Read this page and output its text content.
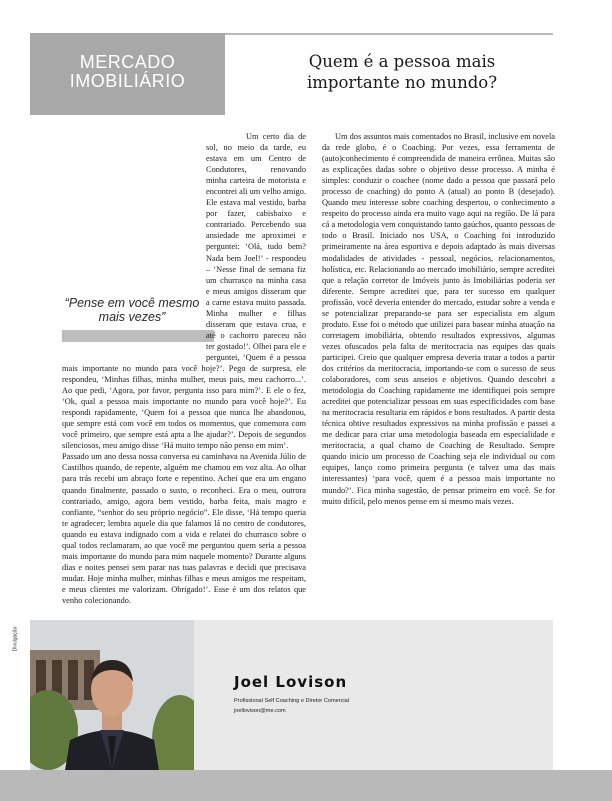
MERCADO
IMOBILIÁRIO
Quem é a pessoa mais
importante no mundo?
“Pense em você mesmo mais vezes”

Um certo dia de sol, no meio da tarde, eu estava em um Centro de Condutores, renovando minha carteira de motorista e encontrei ali um velho amigo. Ele estava mal vestido, barba por fazer, cabisbaixo e contrariado. Percebendo sua ansiedade me aproximei e perguntei: ‘Olá, tudo bem? Nada bem Joel!’ - respondeu – ‘Nesse final de semana fiz um churrasco na minha casa e meus amigos disseram que a carne estava muito passada. Minha mulher e filhas disseram que estava crua, e até o cachorro pareceu não ter gostado!’. Olhei para ele e perguntei, ‘Quem é a pessoa mais importante no mundo para você hoje?’. Pego de surpresa, ele respondeu, ‘Minhas filhas, minha mulher, meus pais, meu cachorro...’. Ao que pedi, ‘Agora, por favor, pergunta isso para mim?’. E ele o fez, ‘Ok, qual a pessoa mais importante no mundo para você hoje?’. Eu respondi rapidamente, ‘Quem foi a pessoa que nunca lhe abandonou, que sempre está com você em todos os momentos, que comemora com você primeiro, que sempre está apta a lhe ajudar?’. Depois de segundos silenciosos, meu amigo disse ‘Há muito tempo não penso em mim’.

Passado um ano dessa nossa conversa eu caminhava na Avenida Júlio de Castilhos quando, de repente, alguém me chamou em voz alta. Ao olhar para trás recebi um abraço forte e repentino. Achei que era um engano quando finalmente, passado o susto, o reconheci. Era o meu, outrora contrariado, amigo, agora bem vestido, barba feita, mais magro e confiante, “senhor do seu próprio negócio”. Ele disse, ‘Há tempo queria te agradecer; lembra aquele dia que falamos lá no centro de condutores, quando eu estava indignado com a vida e relatei do churrasco sobre o qual todos reclamaram, ao que você me perguntou quem seria a pessoa mais importante do mundo para mim naquele momento? Durante alguns dias e noites pensei sem parar nas tuas palavras e decidi que precisava mudar. Hoje minha mulher, minhas filhas e meus amigos me respeitam, e meus clientes me valorizam. Obrigado!’. Esse é um dos relatos que venho colecionando.

Um dos assuntos mais comentados no Brasil, inclusive em novela da rede globo, é o Coaching. Por vezes, essa ferramenta de (auto)conhecimento é compreendida de maneira errônea. Muitas são as explicações dadas sobre o objetivo desse processo. A minha é simples: conduzir o coachee (nome dado a pessoa que passará pelo processo de coaching) do ponto A (atual) ao ponto B (desejado). Quando meu interesse sobre coaching despertou, o conhecimento a respeito do processo ainda era muito vago aqui na região. De lá para cá a metodologia vem conquistando tanto gaúchos, quanto pessoas de todo o Brasil. Iniciado nos USA, o Coaching foi introduzido primeiramente na área esportiva e depois adaptado às mais diversas modalidades de atividades - pessoal, negócios, relacionamentos, holística, etc. Relacionando ao mercado imobiliário, sempre acreditei que a relação corretor de Imóveis junto às Imobiliárias poderia ser diferente. Sempre acreditei que, para ter sucesso em qualquer profissão, você deveria entender do mercado, estudar sobre a venda e se potencializar preparando-se para ser especialista em algum produto. Esse foi o método que utilizei para basear minha atuação na corretagem imobiliária, obtendo resultados expressivos, algumas vezes ofuscados pela falta de meritocracia nas equipes das quais participei. Creio que qualquer empresa deveria tratar a todos a partir dos critérios da meritocracia, importando-se com o sucesso de seus colaboradores, com seus anseios e objetivos. Quando descobri a metodologia do Coaching rapidamente me identifiquei pois sempre acreditei que potencializar pessoas em suas especificidades com base na meritocracia resultaria em rápidos e bons resultados. A partir desta técnica obtive resultados expressivos na minha profissão e passei a me dedicar para criar uma metodologia baseada em especialidade e meritocracia, a qual chamo de Coaching de Resultado. Sempre quando inicio um processo de Coaching seja ele individual ou com equipes, lanço como primeira pergunta (e talvez uma das mais interessantes) ‘para você, quem é a pessoa mais importante no mundo?’. Fica minha sugestão, de pensar primeiro em você. Se for muito difícil, pelo menos pense em si mesmo mais vezes.

Divulgação
Joel Lovison
Profissional Self Coaching e Diretor Comercial
joellovison@me.com
